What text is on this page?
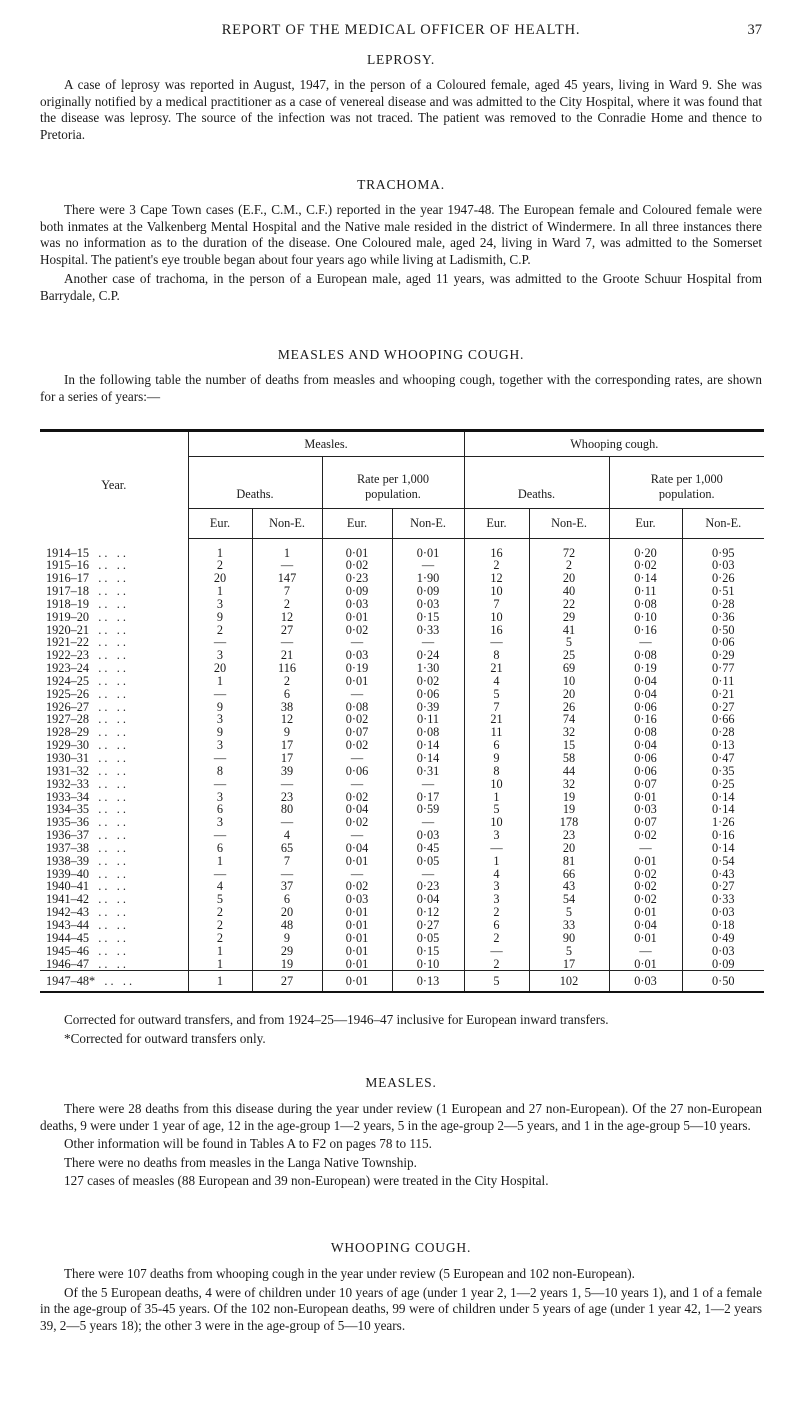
REPORT OF THE MEDICAL OFFICER OF HEALTH.	37
LEPROSY.

A case of leprosy was reported in August, 1947, in the person of a Coloured female, aged 45 years, living in Ward 9. She was originally notified by a medical practitioner as a case of venereal disease and was admitted to the City Hospital, where it was found that the disease was leprosy. The source of the infection was not traced. The patient was removed to the Conradie Home and thence to Pretoria.

TRACHOMA.

There were 3 Cape Town cases (E.F., C.M., C.F.) reported in the year 1947-48. The European female and Coloured female were both inmates at the Valkenberg Mental Hospital and the Native male resided in the district of Windermere. In all three instances there was no information as to the duration of the disease. One Coloured male, aged 24, living in Ward 7, was admitted to the Somerset Hospital. The patient's eye trouble began about four years ago while living at Ladismith, C.P.

Another case of trachoma, in the person of a European male, aged 11 years, was admitted to the Groote Schuur Hospital from Barrydale, C.P.

MEASLES AND WHOOPING COUGH.

In the following table the number of deaths from measles and whooping cough, together with the corresponding rates, are shown for a series of years:—

Year.	Measles.				Whooping cough.			
	Deaths.		Rate per 1,000 population.		Deaths.		Rate per 1,000 population.	
	Eur.	Non-E.	Eur.	Non-E.	Eur.	Non-E.	Eur.	Non-E.

1914–15   . .   . .	1	1	0·01	0·01	16	72	0·20	0·95
1915–16   . .   . .	2	—	0·02	—	2	2	0·02	0·03
1916–17   . .   . .	20	147	0·23	1·90	12	20	0·14	0·26
1917–18   . .   . .	1	7	0·09	0·09	10	40	0·11	0·51
1918–19   . .   . .	3	2	0·03	0·03	7	22	0·08	0·28
1919–20   . .   . .	9	12	0·01	0·15	10	29	0·10	0·36
1920–21   . .   . .	2	27	0·02	0·33	16	41	0·16	0·50
1921–22   . .   . .	—	—	—	—	—	5	—	0·06
1922–23   . .   . .	3	21	0·03	0·24	8	25	0·08	0·29
1923–24   . .   . .	20	116	0·19	1·30	21	69	0·19	0·77
1924–25   . .   . .	1	2	0·01	0·02	4	10	0·04	0·11
1925–26   . .   . .	—	6	—	0·06	5	20	0·04	0·21
1926–27   . .   . .	9	38	0·08	0·39	7	26	0·06	0·27
1927–28   . .   . .	3	12	0·02	0·11	21	74	0·16	0·66
1928–29   . .   . .	9	9	0·07	0·08	11	32	0·08	0·28
1929–30   . .   . .	3	17	0·02	0·14	6	15	0·04	0·13
1930–31   . .   . .	—	17	—	0·14	9	58	0·06	0·47
1931–32   . .   . .	8	39	0·06	0·31	8	44	0·06	0·35
1932–33   . .   . .	—	—	—	—	10	32	0·07	0·25
1933–34   . .   . .	3	23	0·02	0·17	1	19	0·01	0·14
1934–35   . .   . .	6	80	0·04	0·59	5	19	0·03	0·14
1935–36   . .   . .	3	—	0·02	—	10	178	0·07	1·26
1936–37   . .   . .	—	4	—	0·03	3	23	0·02	0·16
1937–38   . .   . .	6	65	0·04	0·45	—	20	—	0·14
1938–39   . .   . .	1	7	0·01	0·05	1	81	0·01	0·54
1939–40   . .   . .	—	—	—	—	4	66	0·02	0·43
1940–41   . .   . .	4	37	0·02	0·23	3	43	0·02	0·27
1941–42   . .   . .	5	6	0·03	0·04	3	54	0·02	0·33
1942–43   . .   . .	2	20	0·01	0·12	2	5	0·01	0·03
1943–44   . .   . .	2	48	0·01	0·27	6	33	0·04	0·18
1944–45   . .   . .	2	9	0·01	0·05	2	90	0·01	0·49
1945–46   . .   . .	1	29	0·01	0·15	—	5	—	0·03
1946–47   . .   . .	1	19	0·01	0·10	2	17	0·01	0·09
1947–48*   . .   . .	1	27	0·01	0·13	5	102	0·03	0·50

Corrected for outward transfers, and from 1924–25—1946–47 inclusive for European inward transfers.

*Corrected for outward transfers only.

MEASLES.

There were 28 deaths from this disease during the year under review (1 European and 27 non-European). Of the 27 non-European deaths, 9 were under 1 year of age, 12 in the age-group 1—2 years, 5 in the age-group 2—5 years, and 1 in the age-group 5—10 years.

Other information will be found in Tables A to F2 on pages 78 to 115.

There were no deaths from measles in the Langa Native Township.

127 cases of measles (88 European and 39 non-European) were treated in the City Hospital.

WHOOPING COUGH.

There were 107 deaths from whooping cough in the year under review (5 European and 102 non-European).

Of the 5 European deaths, 4 were of children under 10 years of age (under 1 year 2, 1—2 years 1, 5—10 years 1), and 1 of a female in the age-group of 35-45 years. Of the 102 non-European deaths, 99 were of children under 5 years of age (under 1 year 42, 1—2 years 39, 2—5 years 18); the other 3 were in the age-group of 5—10 years.
